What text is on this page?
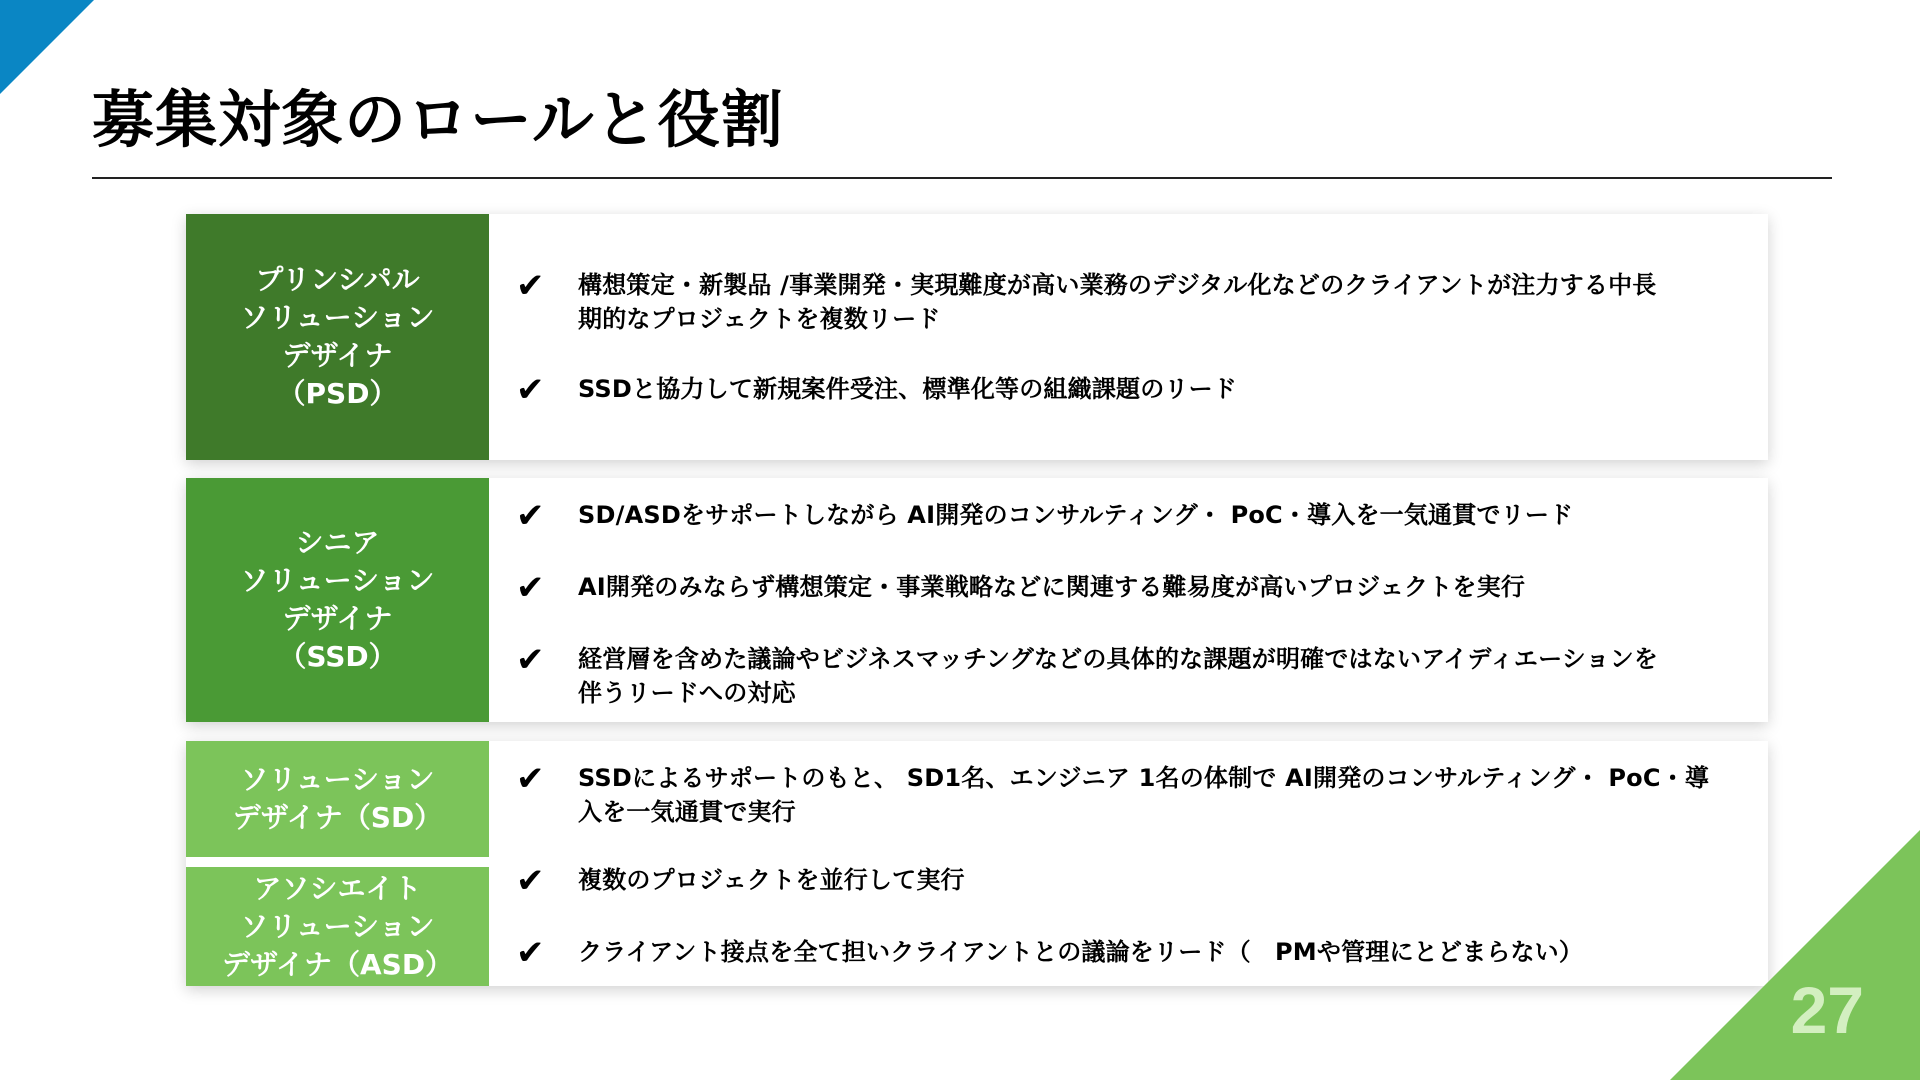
募集対象のロールと役割
プリンシパル
ソリューション
デザイナ
（PSD）
✔	構想策定・新製品 /事業開発・実現難度が高い業務のデジタル化などのクライアントが注力する中長期的なプロジェクトを複数リード
✔	SSDと協力して新規案件受注、標準化等の組織課題のリード
シニア
ソリューション
デザイナ
（SSD）
✔	SD/ASDをサポートしながら AI開発のコンサルティング・ PoC・導入を一気通貫でリード
✔	AI開発のみならず構想策定・事業戦略などに関連する難易度が高いプロジェクトを実行
✔	経営層を含めた議論やビジネスマッチングなどの具体的な課題が明確ではないアイディエーションを伴うリードへの対応
ソリューション
デザイナ（SD）
アソシエイト
ソリューション
デザイナ（ASD）
✔	SSDによるサポートのもと、 SD1名、エンジニア 1名の体制で AI開発のコンサルティング・ PoC・導入を一気通貫で実行
✔	複数のプロジェクトを並行して実行
✔	クライアント接点を全て担いクライアントとの議論をリード（　PMや管理にとどまらない）
27
